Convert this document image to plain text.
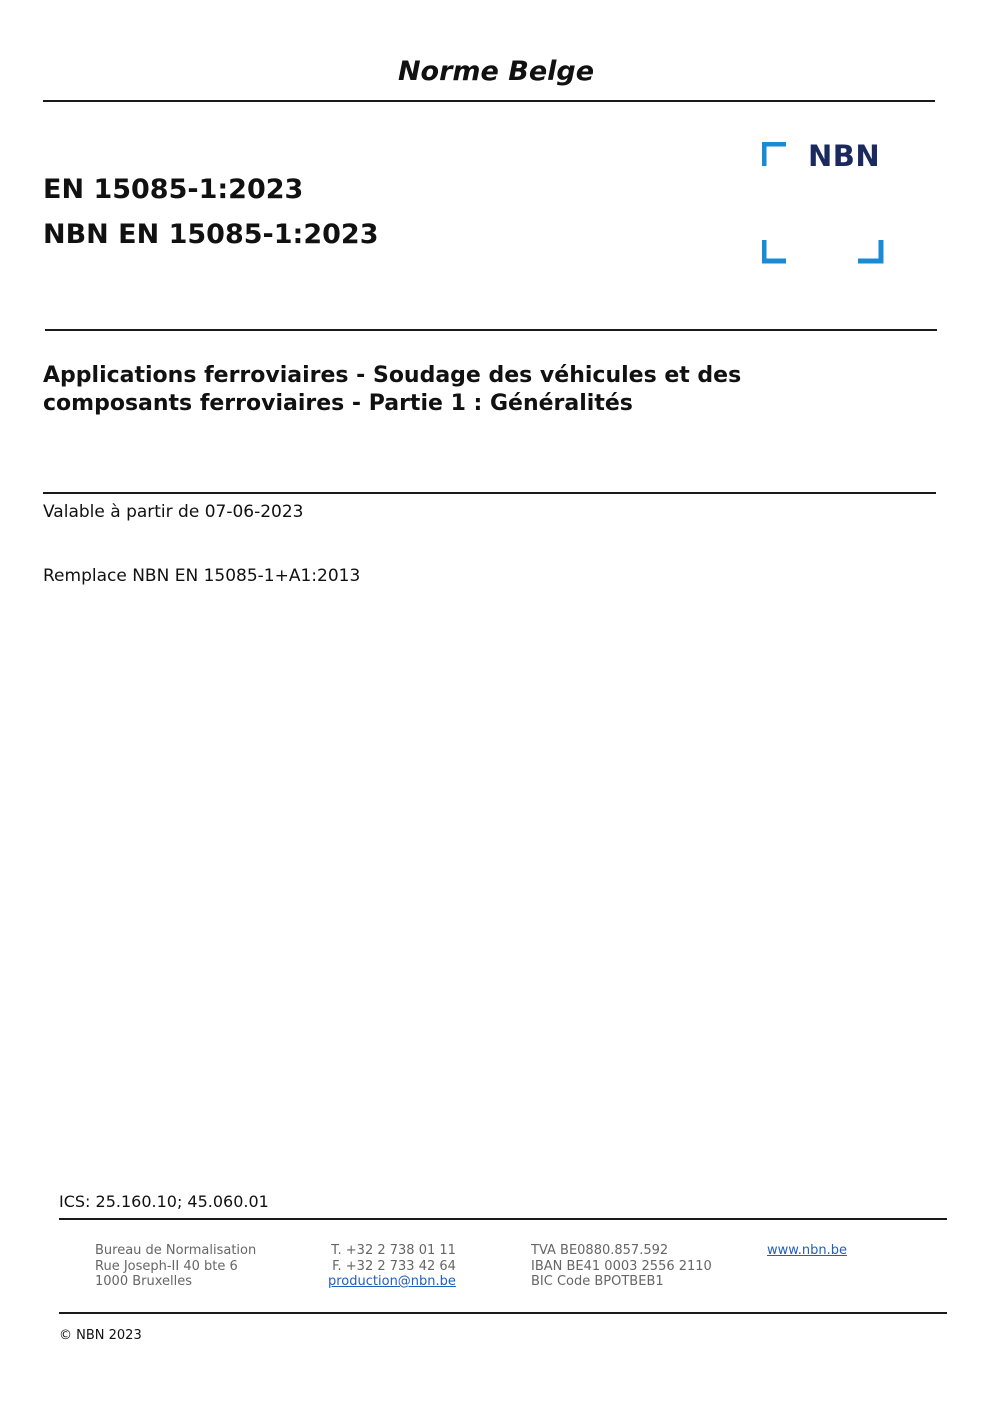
Norme Belge
NBN
EN 15085-1:2023
NBN EN 15085-1:2023
Applications ferroviaires - Soudage des véhicules et des
composants ferroviaires - Partie 1 : Généralités
Valable à partir de 07-06-2023
Remplace NBN EN 15085-1+A1:2013
ICS: 25.160.10; 45.060.01
Bureau de Normalisation
Rue Joseph-II 40 bte 6
1000 Bruxelles
T. +32 2 738 01 11
F. +32 2 733 42 64
production@nbn.be
TVA BE0880.857.592
IBAN BE41 0003 2556 2110
BIC Code BPOTBEB1
www.nbn.be
© NBN 2023
